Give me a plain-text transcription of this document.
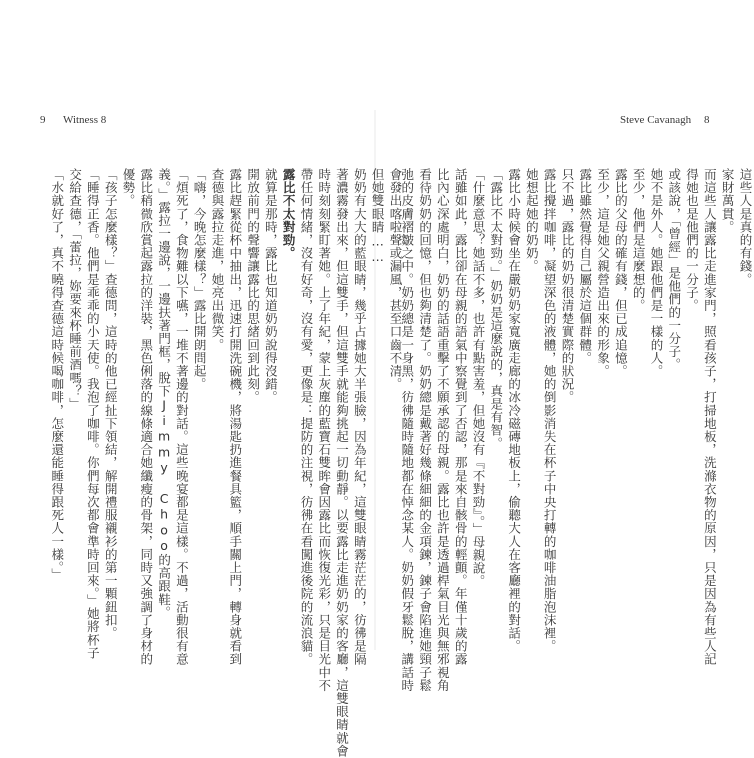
9 Witness 8	Steve Cavanagh 8
會發出喀啦聲或漏風，甚至口齒不清。
但她雙眼睛……
奶奶有大大的藍眼睛，幾乎占據她大半張臉，因為年紀，這雙眼睛霧茫茫的，彷彿是隔
著濃霧發出來，但這雙手，但這雙手就能夠挑起一切動靜。以要露比走進奶奶家的客廳，這雙眼睛就會
時時刻刻緊盯著她。上了年紀，蒙上灰塵的藍寶石雙眸會因露比而恢復光彩，只是目光中不
帶任何情緒，沒有好奇，沒有愛，更像是：提防的注視，彷彿在看闖進後院的流浪貓。
露比不太對勁。
就算是那時，露比也知道奶奶說得沒錯。
開放前門的聲響讓露比的思緒回到此刻。
露比趕緊從杯中抽出，迅速打開洗碗機，將湯匙扔進餐具籃，順手關上門，轉身就看到
查德與露拉走進，她亮出微笑。
「嗨，今晚怎麼樣？」露比開朗問起。
「煩死了，食物難以下嚥，一堆不著邊的對話。這些晚宴都是這樣。不過，活動很有意
義。」露拉一邊說，一邊扶著門框，脫下Jimmy Choo的高跟鞋。
露比稍微欣賞起露拉的洋裝，黑色俐落的線條適合她纖瘦的骨架，同時又強調了身材的
優勢。
「孩子怎麼樣？」查德問，這時的他已經扯下領結，解開禮服襯衫的第一顆鈕扣。
「睡得正香。他們是乖乖的小天使。我泡了咖啡。你們每次都會準時回來。」她將杯子
交給查德，「蕾拉，妳要來杯睡前酒嗎？」
「水就好了，真不曉得查德這時候喝咖啡，怎麼還能睡得跟死人一樣。」	這些人是真的有錢。
家財萬貫。
而這些人讓露比走進家門，照看孩子，打掃地板，洗滌衣物的原因，只是因為有些人記
得她也是他們的一分子。
或該說，「曾經」是他們的一分子。
她不是外人。她跟他們是一樣的人。
至少，他們是這麼想的。
露比的父母的確有錢，但已成追憶。
至少，這是她父親營造出來的形象。
露比雖然覺得自己屬於這個群體。
只不過，露比的奶奶很清楚實際的狀況。
露比攪拌咖啡，凝望深色的液體，她的倒影消失在杯子中央打轉的咖啡油脂泡沫裡。
她想起她的奶奶。
露比小時候會坐在嚴奶奶家寬廣走廊的冰冷磁磚地板上，偷聽大人在客廳裡的對話。
「露比不太對勁。」奶奶是這麼說的，真是有智。
「什麼意思？她話不多，也許有點害羞，但她沒有『不對勁』。」母親說。
話雖如此，露比卻在母親的語氣中察覺到了否認，那是來自骸骨的輕顫。年僅十歲的露
比內心深處明白，奶奶的話語重擊了不願承認的母親。露比也許是透過桿氣目光與無邪視角
看待奶奶的回憶，但也夠清楚了。奶奶總是戴著好幾條細細的金項鍊，鍊子會陷進她頸子鬆
弛的皮膚褶皺之中。奶奶總是一身黑，彷彿隨時隨地都在悼念某人。奶奶假牙鬆脫，講話時
